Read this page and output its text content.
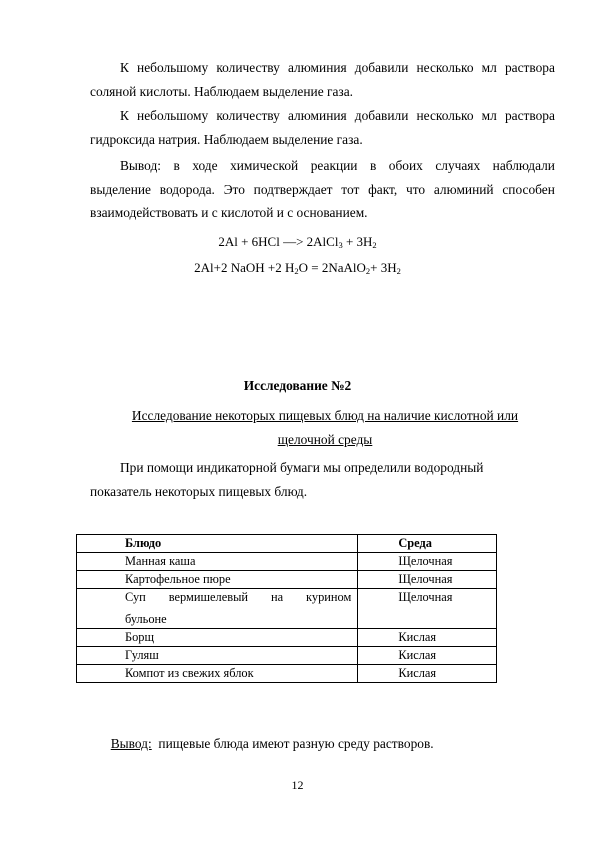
К небольшому количеству алюминия добавили несколько мл раствора
соляной кислоты. Наблюдаем выделение газа.
К небольшому количеству алюминия добавили несколько мл раствора
гидроксида натрия. Наблюдаем выделение газа.
Вывод: в ходе химической реакции в обоих случаях наблюдали
выделение водорода. Это подтверждает тот факт, что алюминий способен
взаимодействовать и с кислотой и с основанием.
2Al + 6HCl —> 2AlCl$_3$ + $3H_2$
2Al+2 NaOH +2 $H_2O$ = 2NaAlO$_2$+ $3H_2$
Исследование №2
Исследование некоторых пищевых блюд на наличие кислотной или
щелочной среды
При помощи индикаторной бумаги мы определили водородный
показатель некоторых пищевых блюд.
Блюдо	Среда
Манная каша	Щелочная
Картофельное пюре	Щелочная

Суп вермишелевый на курином
бульоне	Щелочная
Борщ	Кислая
Гуляш	Кислая
Компот из свежих яблок	Кислая

Вывод:  пищевые блюда имеют разную среду растворов.

12
